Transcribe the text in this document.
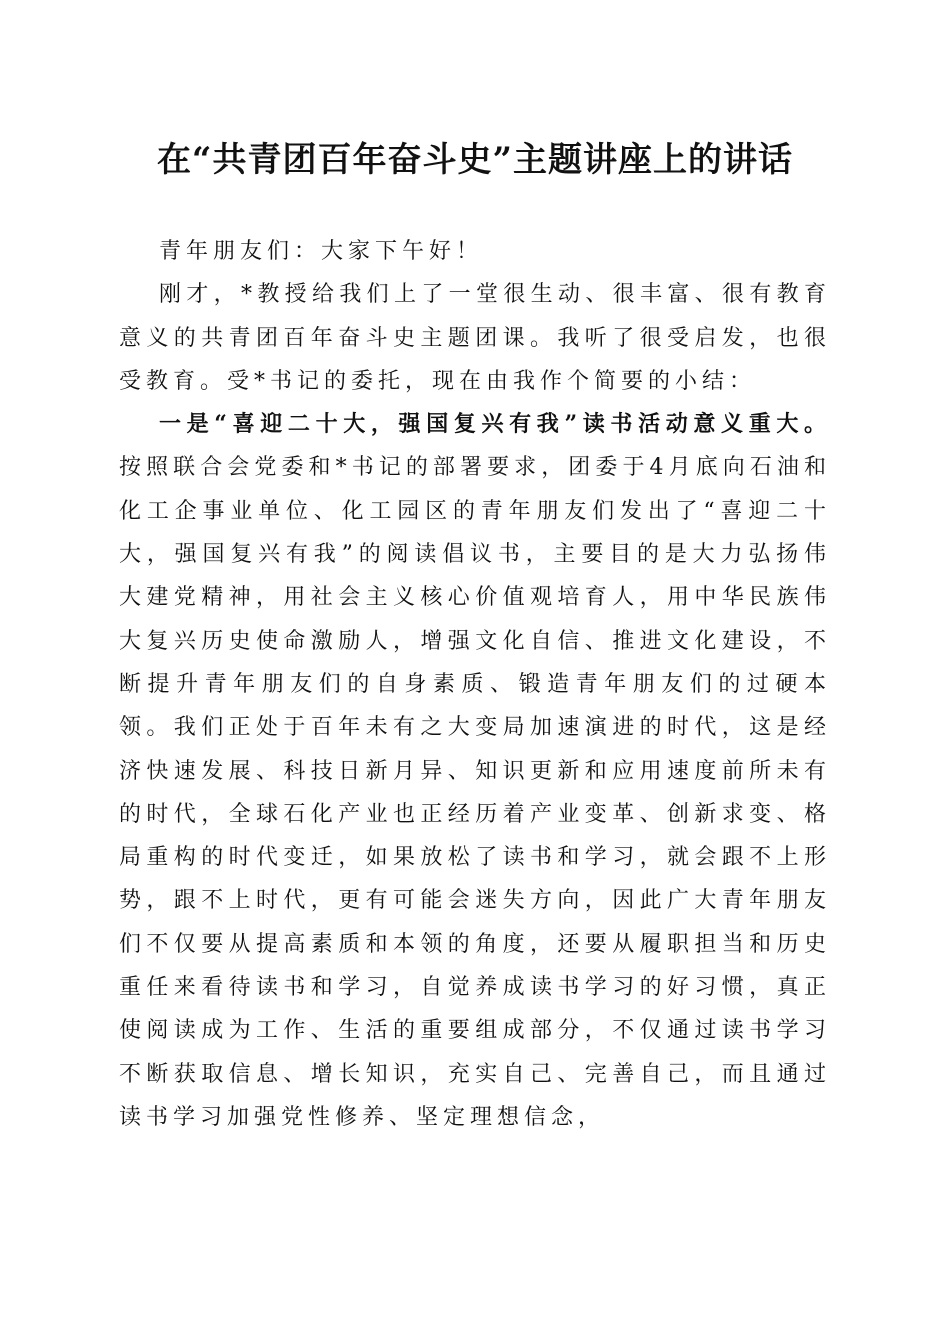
在“共青团百年奋斗史”主题讲座上的讲话

青年朋友们：大家下午好！

刚才，*教授给我们上了一堂很生动、很丰富、很有教育意义的共青团百年奋斗史主题团课。我听了很受启发，也很受教育。受*书记的委托，现在由我作个简要的小结：

一是“喜迎二十大，强国复兴有我”读书活动意义重大。按照联合会党委和*书记的部署要求，团委于4月底向石油和化工企事业单位、化工园区的青年朋友们发出了“喜迎二十大，强国复兴有我”的阅读倡议书，主要目的是大力弘扬伟大建党精神，用社会主义核心价值观培育人，用中华民族伟大复兴历史使命激励人，增强文化自信、推进文化建设，不断提升青年朋友们的自身素质、锻造青年朋友们的过硬本领。我们正处于百年未有之大变局加速演进的时代，这是经济快速发展、科技日新月异、知识更新和应用速度前所未有的时代，全球石化产业也正经历着产业变革、创新求变、格局重构的时代变迁，如果放松了读书和学习，就会跟不上形势，跟不上时代，更有可能会迷失方向，因此广大青年朋友们不仅要从提高素质和本领的角度，还要从履职担当和历史重任来看待读书和学习，自觉养成读书学习的好习惯，真正使阅读成为工作、生活的重要组成部分，不仅通过读书学习不断获取信息、增长知识，充实自己、完善自己，而且通过读书学习加强党性修养、坚定理想信念，
